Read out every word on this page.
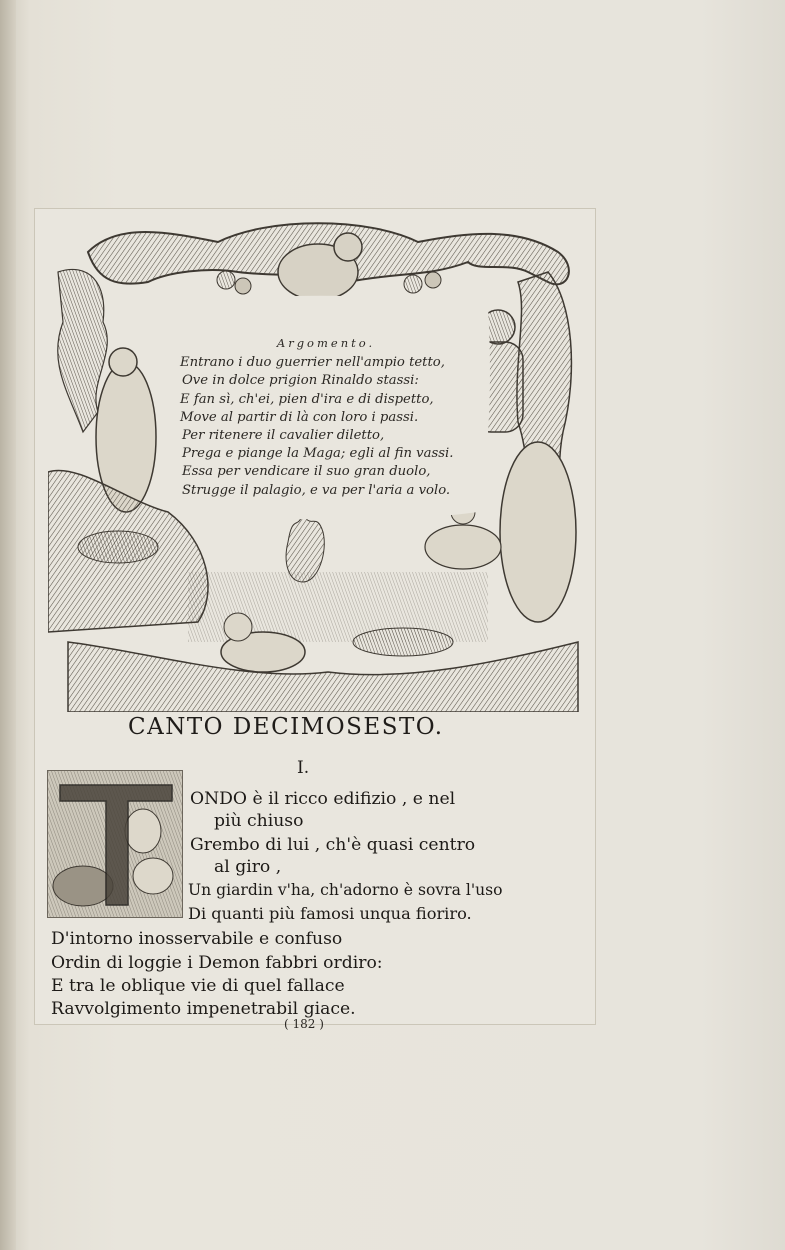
Argomento.
Entrano i duo guerrier nell'ampio tetto,
Ove in dolce prigion Rinaldo stassi:
E fan sì, ch'ei, pien d'ira e di dispetto,
Move al partir di là con loro i passi.
Per ritenere il cavalier diletto,
Prega e piange la Maga; egli al fin vassi.
Essa per vendicare il suo gran duolo,
Strugge il palagio, e va per l'aria a volo.
CANTO DECIMOSESTO.
I.
ONDO è il ricco edifizio , e nel
più chiuso
Grembo di lui , ch'è quasi centro
al giro ,
Un giardin v'ha, ch'adorno è sovra l'uso
Di quanti più famosi unqua fioriro.
D'intorno inosservabile e confuso
Ordin di loggie i Demon fabbri ordiro:
E tra le oblique vie di quel fallace
Ravvolgimento impenetrabil giace.
( 182 )
